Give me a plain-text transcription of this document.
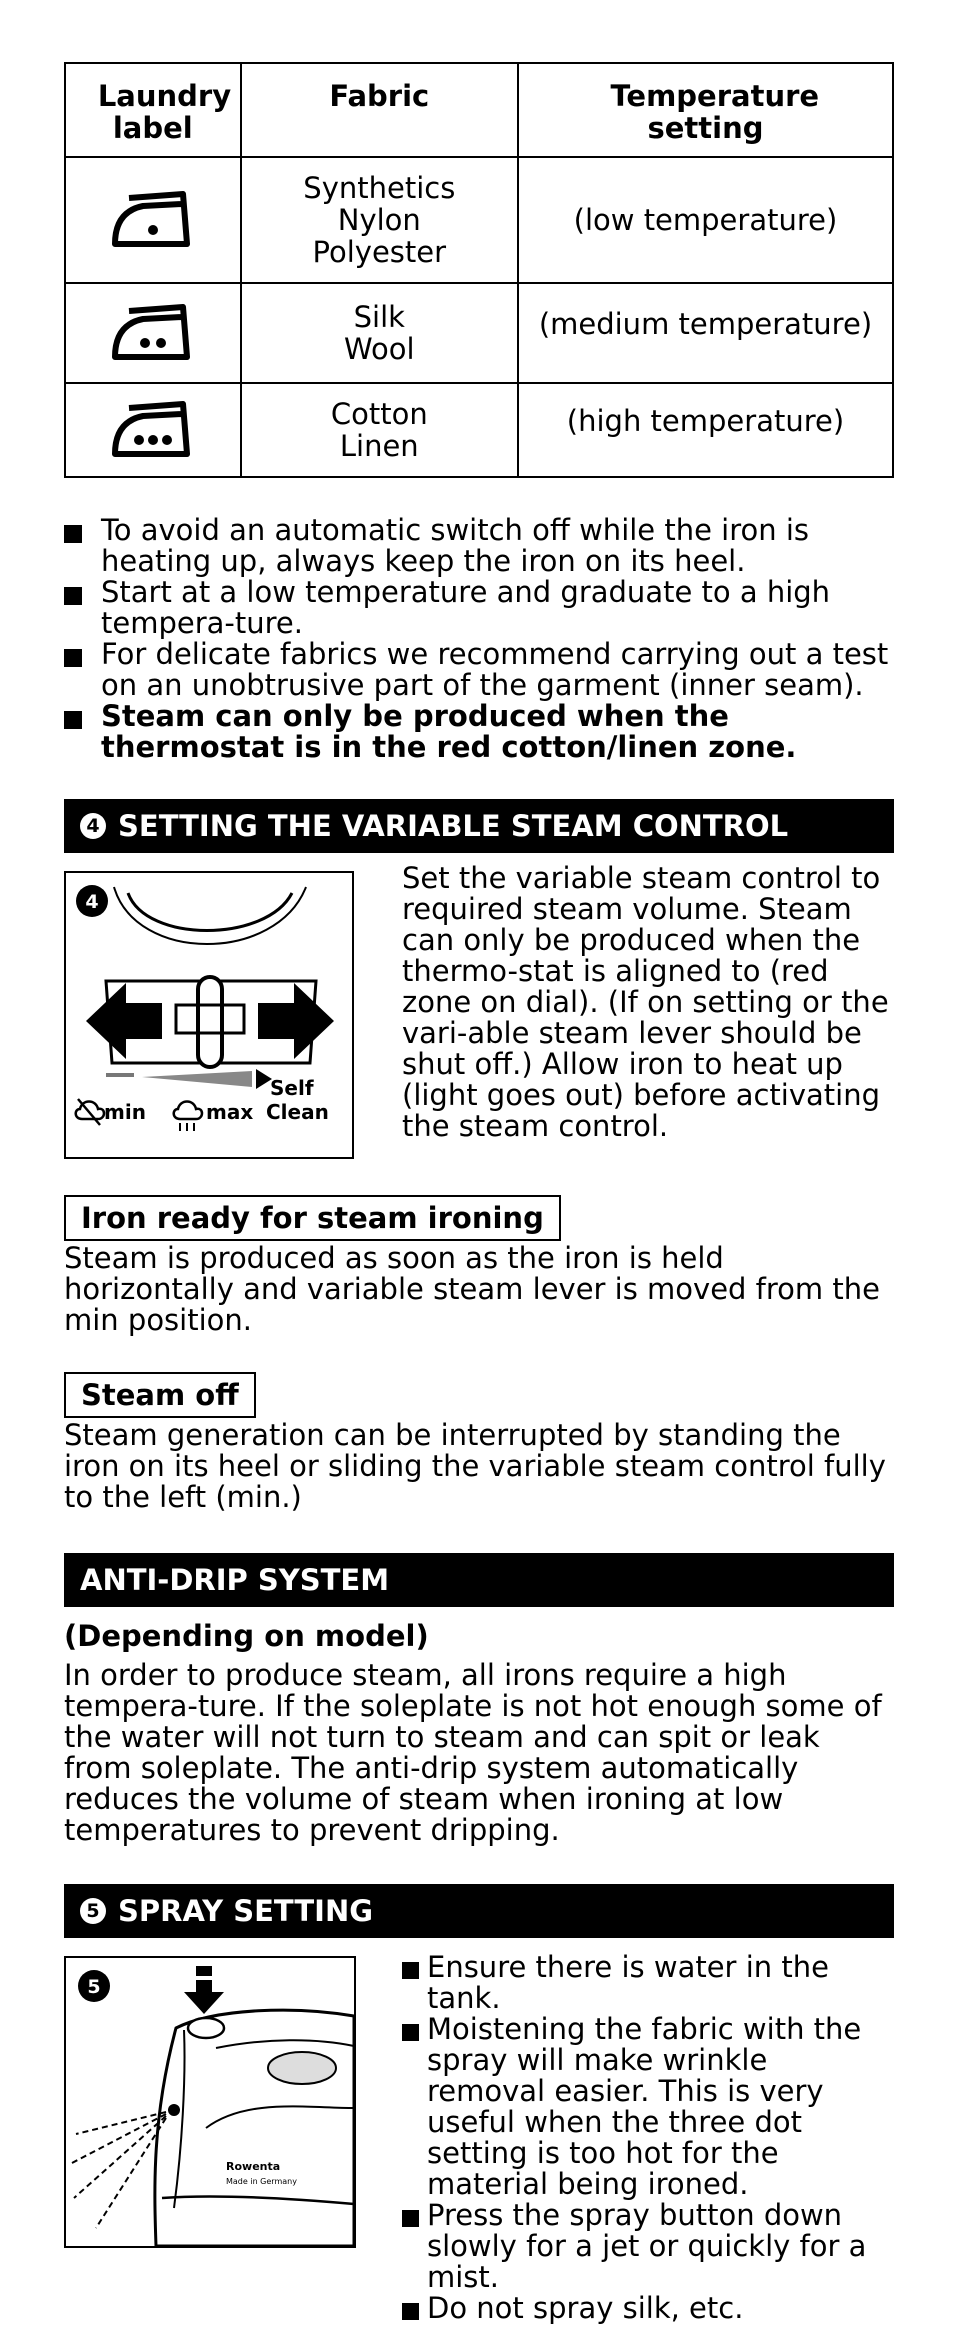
Laundry label	Fabric	Temperature setting

Synthetics
Nylon
Polyester	(low temperature)

Silk
Wool	(medium temperature)

Cotton
Linen	(high temperature)
To avoid an automatic switch off while the iron is heating up, always keep the iron on its heel.
Start at a low temperature and graduate to a high tempera-ture.
For delicate fabrics we recommend carrying out a test on an unobtrusive part of the garment (inner seam).
Steam can only be produced when the thermostat is in the red cotton/linen zone.
4 SETTING THE VARIABLE STEAM CONTROL
4
Self
Clean
min	max
Set the variable steam control to required steam volume. Steam can only be produced when the thermo-stat is aligned to (red zone on dial). (If on setting or the vari-able steam lever should be shut off.) Allow iron to heat up (light goes out) before activating the steam control.
Iron ready for steam ironing
Steam is produced as soon as the iron is held horizontally and variable steam lever is moved from the min position.
Steam off
Steam generation can be interrupted by standing the iron on its heel or sliding the variable steam control fully to the left (min.)
ANTI-DRIP SYSTEM
(Depending on model)
In order to produce steam, all irons require a high tempera-ture. If the soleplate is not hot enough some of the water will not turn to steam and can spit or leak from soleplate. The anti-drip system automatically reduces the volume of steam when ironing at low temperatures to prevent dripping.
5 SPRAY SETTING
5
Rowenta
Made in Germany
Ensure there is water in the tank.
Moistening the fabric with the spray will make wrinkle removal easier. This is very useful when the three dot setting is too hot for the material being ironed.
Press the spray button down slowly for a jet or quickly for a mist.
Do not spray silk, etc.
